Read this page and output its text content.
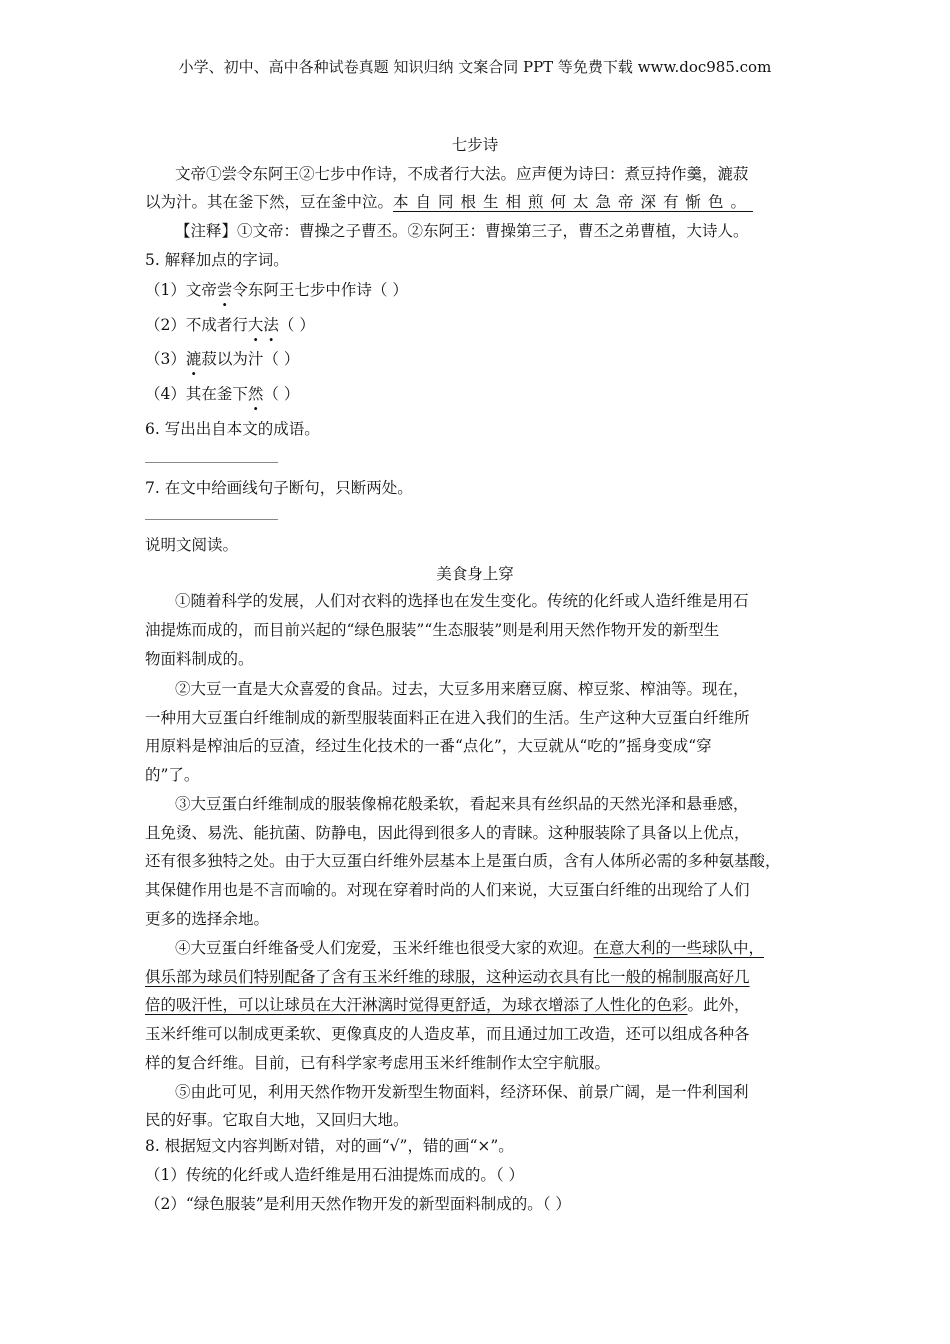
小学、初中、高中各种试卷真题 知识归纳 文案合同 PPT 等免费下载 www.doc985.com
七步诗
文帝①尝令东阿王②七步中作诗，不成者行大法。应声便为诗曰：煮豆持作羹，漉菽
以为汁。其在釜下然，豆在釜中泣。本自同根生相煎何太急帝深有惭色。
【注释】①文帝：曹操之子曹丕。②东阿王：曹操第三子，曹丕之弟曹植，大诗人。
5. 解释加点的字词。
（1）文帝尝令东阿王七步中作诗（ ）
（2）不成者行大法（ ）
（3）漉菽以为汁（ ）
（4）其在釜下然（ ）
6. 写出出自本文的成语。
7. 在文中给画线句子断句，只断两处。
说明文阅读。
美食身上穿
①随着科学的发展，人们对衣料的选择也在发生变化。传统的化纤或人造纤维是用石
油提炼而成的，而目前兴起的“绿色服装”“生态服装”则是利用天然作物开发的新型生
物面料制成的。
②大豆一直是大众喜爱的食品。过去，大豆多用来磨豆腐、榨豆浆、榨油等。现在，
一种用大豆蛋白纤维制成的新型服装面料正在进入我们的生活。生产这种大豆蛋白纤维所
用原料是榨油后的豆渣，经过生化技术的一番“点化”，大豆就从“吃的”摇身变成“穿
的”了。
③大豆蛋白纤维制成的服装像棉花般柔软，看起来具有丝织品的天然光泽和悬垂感，
且免烫、易洗、能抗菌、防静电，因此得到很多人的青睐。这种服装除了具备以上优点，
还有很多独特之处。由于大豆蛋白纤维外层基本上是蛋白质，含有人体所必需的多种氨基酸，
其保健作用也是不言而喻的。对现在穿着时尚的人们来说，大豆蛋白纤维的出现给了人们
更多的选择余地。
④大豆蛋白纤维备受人们宠爱，玉米纤维也很受大家的欢迎。在意大利的一些球队中，
俱乐部为球员们特别配备了含有玉米纤维的球服，这种运动衣具有比一般的棉制服高好几
倍的吸汗性，可以让球员在大汗淋漓时觉得更舒适，为球衣增添了人性化的色彩。此外，
玉米纤维可以制成更柔软、更像真皮的人造皮革，而且通过加工改造，还可以组成各种各
样的复合纤维。目前，已有科学家考虑用玉米纤维制作太空宇航服。
⑤由此可见，利用天然作物开发新型生物面料，经济环保、前景广阔，是一件利国利
民的好事。它取自大地，又回归大地。
8. 根据短文内容判断对错，对的画“√”，错的画“×”。
（1）传统的化纤或人造纤维是用石油提炼而成的。（ ）
（2）“绿色服装”是利用天然作物开发的新型面料制成的。（ ）
